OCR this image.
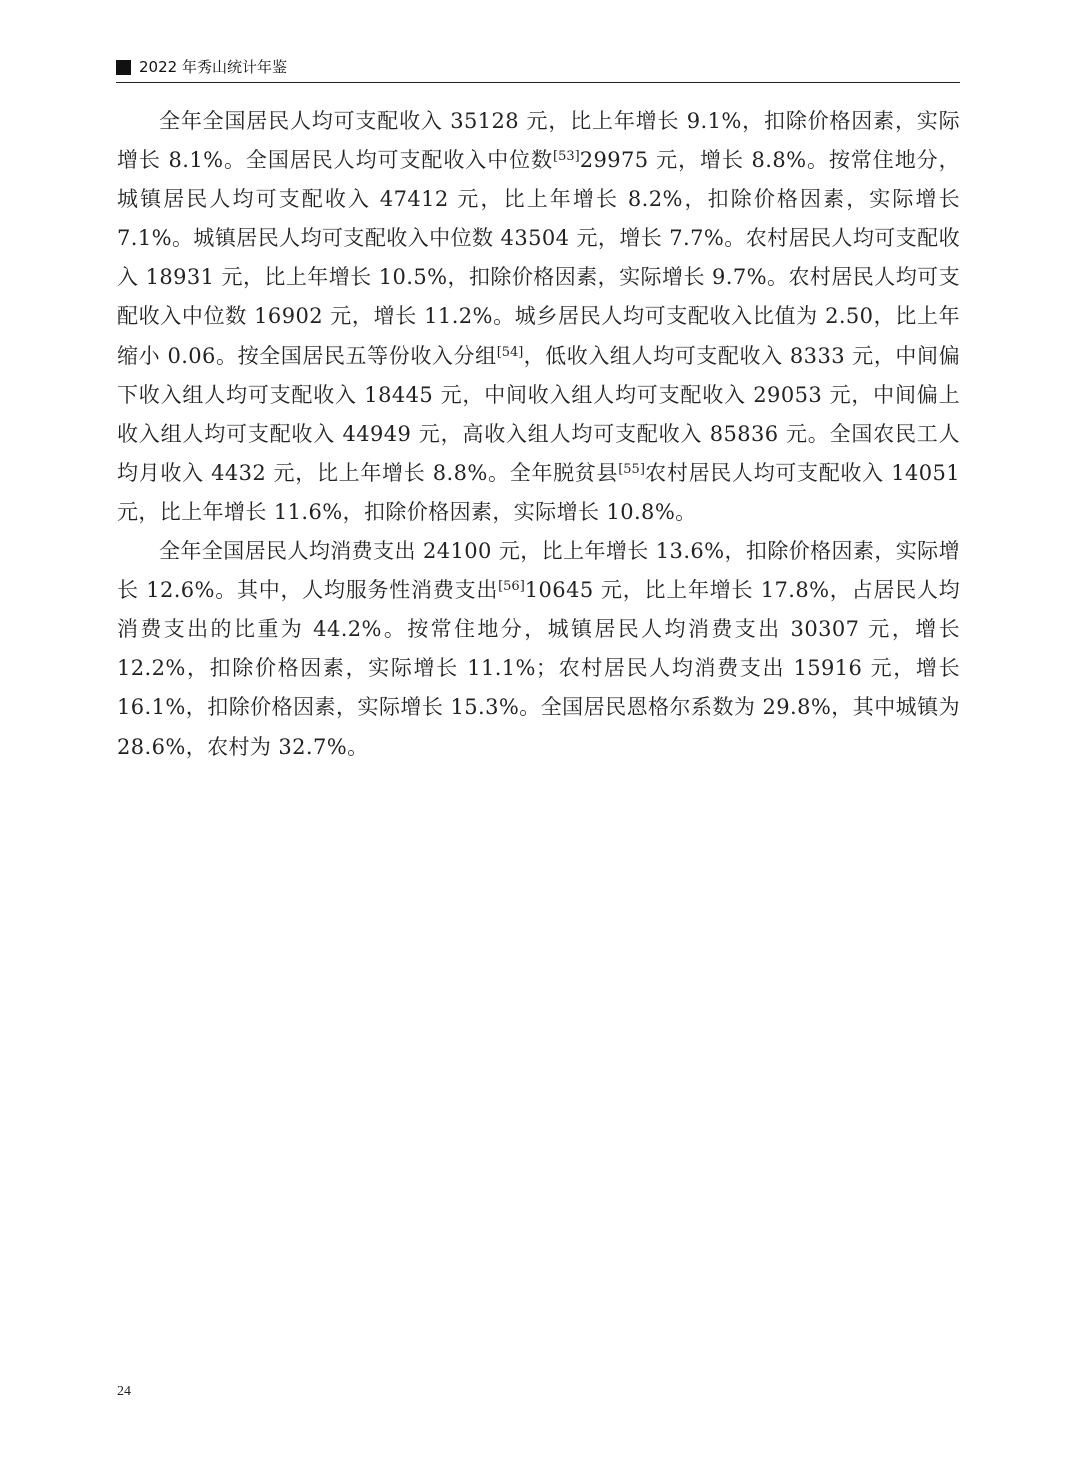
2022 年秀山统计年鉴

全年全国居民人均可支配收入 35128 元，比上年增长 9.1%，扣除价格因素，实际增长 8.1%。全国居民人均可支配收入中位数[53]29975 元，增长 8.8%。按常住地分，城镇居民人均可支配收入 47412 元，比上年增长 8.2%，扣除价格因素，实际增长 7.1%。城镇居民人均可支配收入中位数 43504 元，增长 7.7%。农村居民人均可支配收入 18931 元，比上年增长 10.5%，扣除价格因素，实际增长 9.7%。农村居民人均可支配收入中位数 16902 元，增长 11.2%。城乡居民人均可支配收入比值为 2.50，比上年缩小 0.06。按全国居民五等份收入分组[54]，低收入组人均可支配收入 8333 元，中间偏下收入组人均可支配收入 18445 元，中间收入组人均可支配收入 29053 元，中间偏上收入组人均可支配收入 44949 元，高收入组人均可支配收入 85836 元。全国农民工人均月收入 4432 元，比上年增长 8.8%。全年脱贫县[55]农村居民人均可支配收入 14051 元，比上年增长 11.6%，扣除价格因素，实际增长 10.8%。

全年全国居民人均消费支出 24100 元，比上年增长 13.6%，扣除价格因素，实际增长 12.6%。其中，人均服务性消费支出[56]10645 元，比上年增长 17.8%，占居民人均消费支出的比重为 44.2%。按常住地分，城镇居民人均消费支出 30307 元，增长 12.2%，扣除价格因素，实际增长 11.1%；农村居民人均消费支出 15916 元，增长 16.1%，扣除价格因素，实际增长 15.3%。全国居民恩格尔系数为 29.8%，其中城镇为 28.6%，农村为 32.7%。

24
